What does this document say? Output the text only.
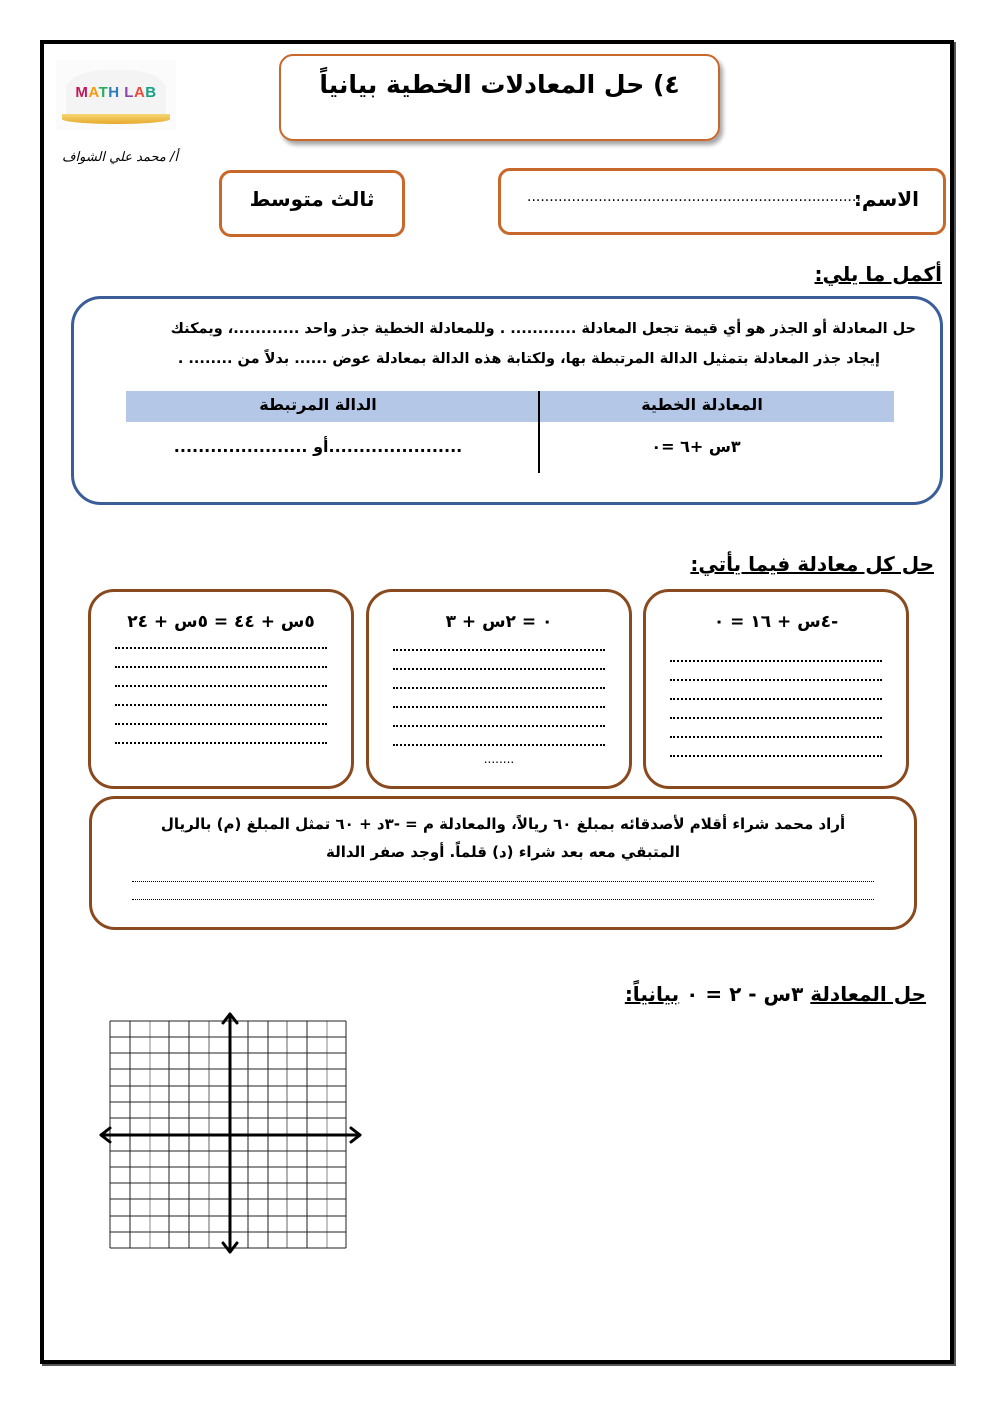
MATH LAB
أ/ محمد علي الشواف
٤) حل المعادلات الخطية بيانياً
ثالث متوسط	الاسم:
...........................................................................
أكمل ما يلي:
حل المعادلة أو الجذر هو أي قيمة تجعل المعادلة ............ . وللمعادلة الخطية جذر واحد ............، ويمكنك
إيجاد جذر المعادلة بتمثيل الدالة المرتبطة بها، ولكتابة هذه الدالة بمعادلة عوض ...... بدلاً من ........ .
المعادلة الخطية
الدالة المرتبطة
٣س +٦ =٠
......................أو ......................
حل كل معادلة فيما يأتي:
-٤س + ١٦ = ٠
٠ = ٢س + ٣
........
٥س + ٤٤ = ٥س + ٢٤
أراد محمد شراء أقلام لأصدقائه بمبلغ ٦٠ ريالاً، والمعادلة م = -٣د + ٦٠ تمثل المبلغ (م) بالريال
المتبقي معه بعد شراء (د) قلماً. أوجد صفر الدالة
حل المعادلة ٣س - ٢ = ٠ بيانياً:
